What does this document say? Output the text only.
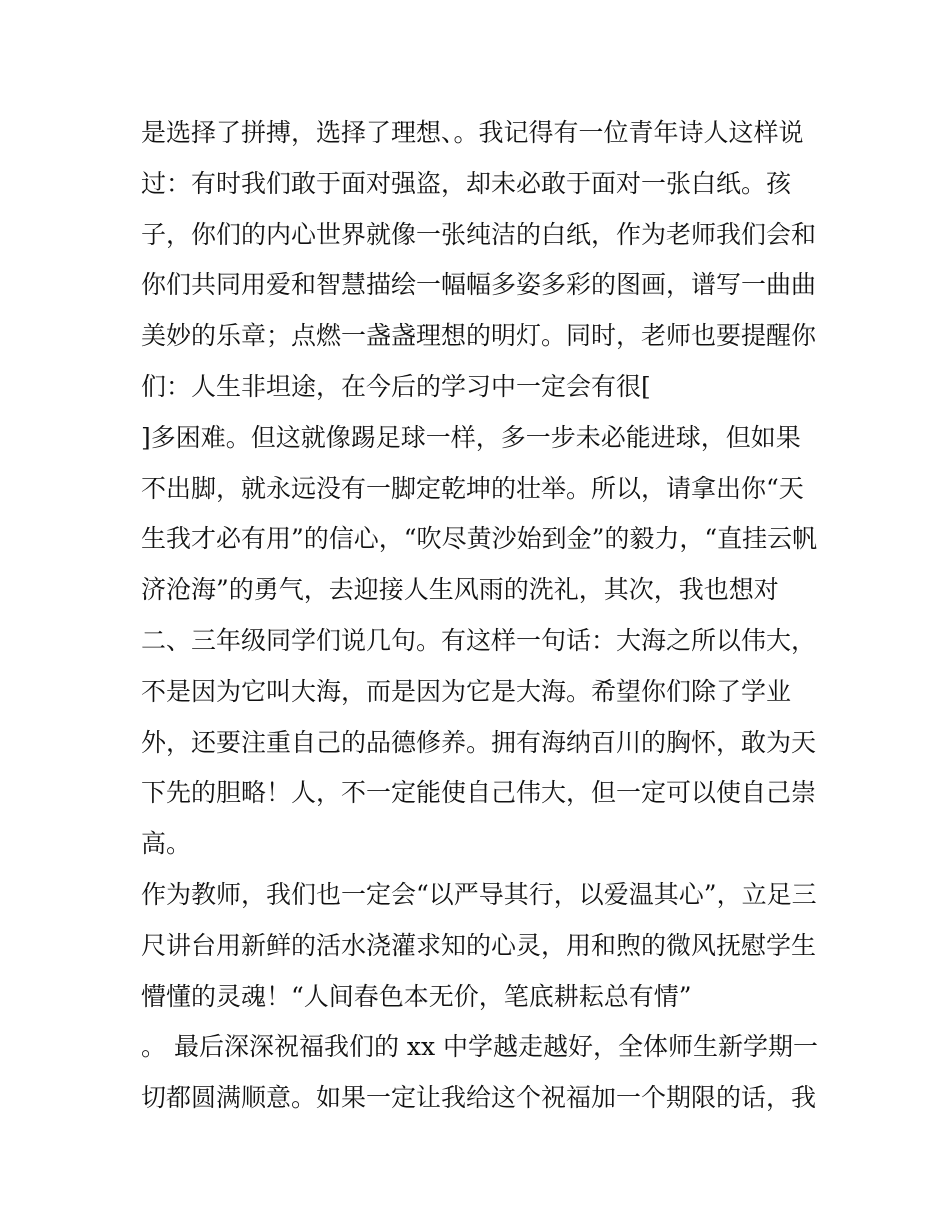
是选择了拼搏，选择了理想、。我记得有一位青年诗人这样说
过：有时我们敢于面对强盗，却未必敢于面对一张白纸。孩
子，你们的内心世界就像一张纯洁的白纸，作为老师我们会和
你们共同用爱和智慧描绘一幅幅多姿多彩的图画，谱写一曲曲
美妙的乐章；点燃一盏盏理想的明灯。同时，老师也要提醒你
们：人生非坦途，在今后的学习中一定会有很[
]多困难。但这就像踢足球一样，多一步未必能进球，但如果
不出脚，就永远没有一脚定乾坤的壮举。所以，请拿出你“天
生我才必有用”的信心，“吹尽黄沙始到金”的毅力，“直挂云帆
济沧海”的勇气，去迎接人生风雨的洗礼，其次，我也想对
二、三年级同学们说几句。有这样一句话：大海之所以伟大，
不是因为它叫大海，而是因为它是大海。希望你们除了学业
外，还要注重自己的品德修养。拥有海纳百川的胸怀，敢为天
下先的胆略！人，不一定能使自己伟大，但一定可以使自己崇
高。
作为教师，我们也一定会“以严导其行，以爱温其心”，立足三
尺讲台用新鲜的活水浇灌求知的心灵，用和煦的微风抚慰学生
懵懂的灵魂！“人间春色本无价，笔底耕耘总有情”
。 最后深深祝福我们的 xx 中学越走越好，全体师生新学期一
切都圆满顺意。如果一定让我给这个祝福加一个期限的话，我
